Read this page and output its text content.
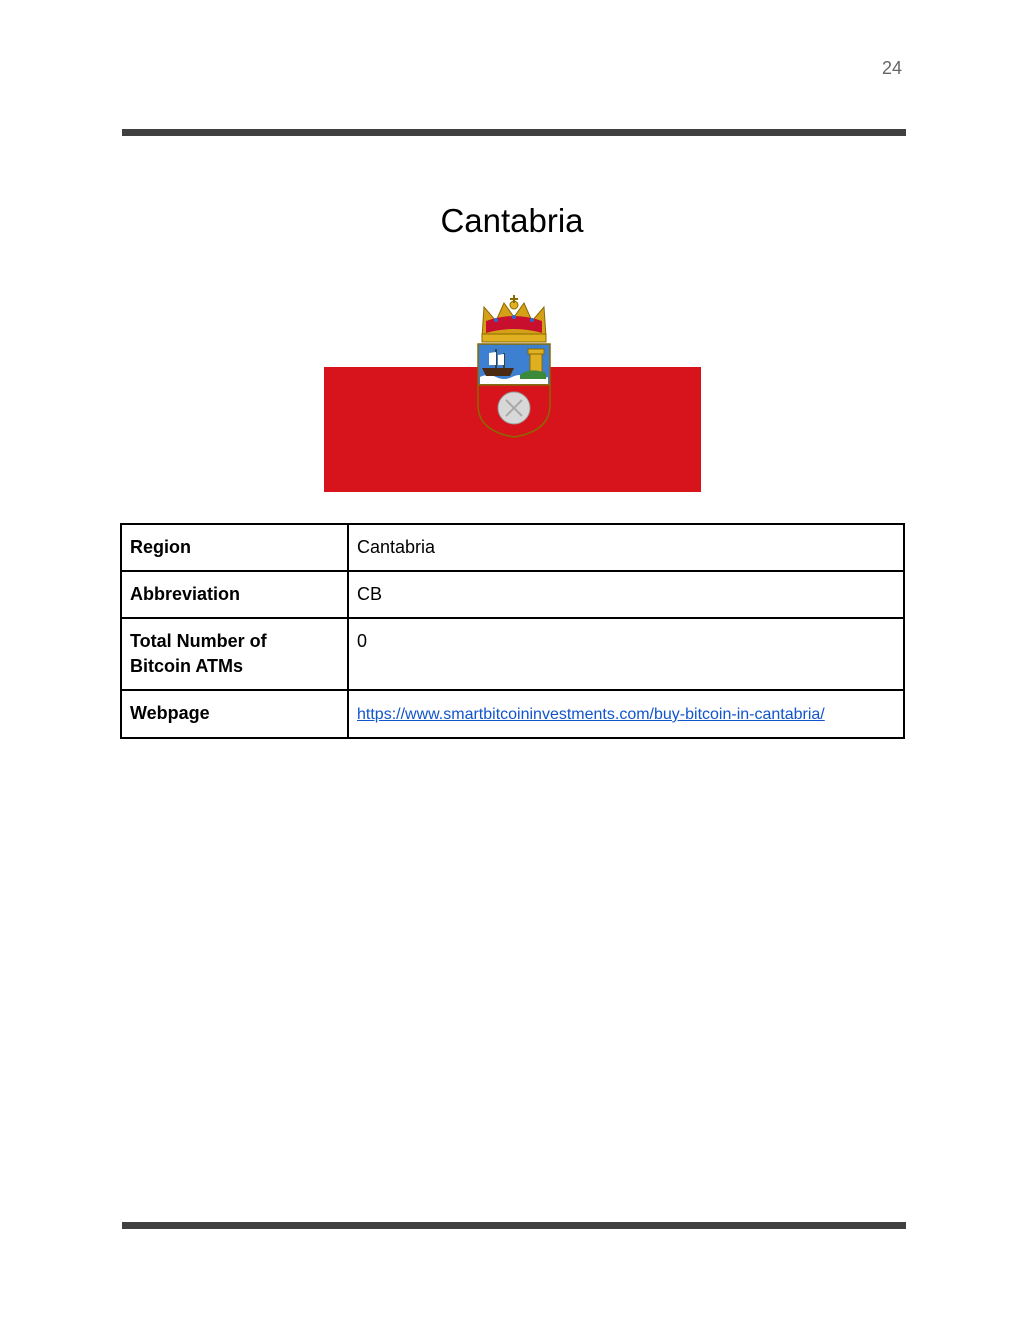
24
Cantabria
Region	Cantabria
Abbreviation	CB
Total Number of Bitcoin ATMs	0
Webpage	https://www.smartbitcoininvestments.com/buy-bitcoin-in-cantabria/
